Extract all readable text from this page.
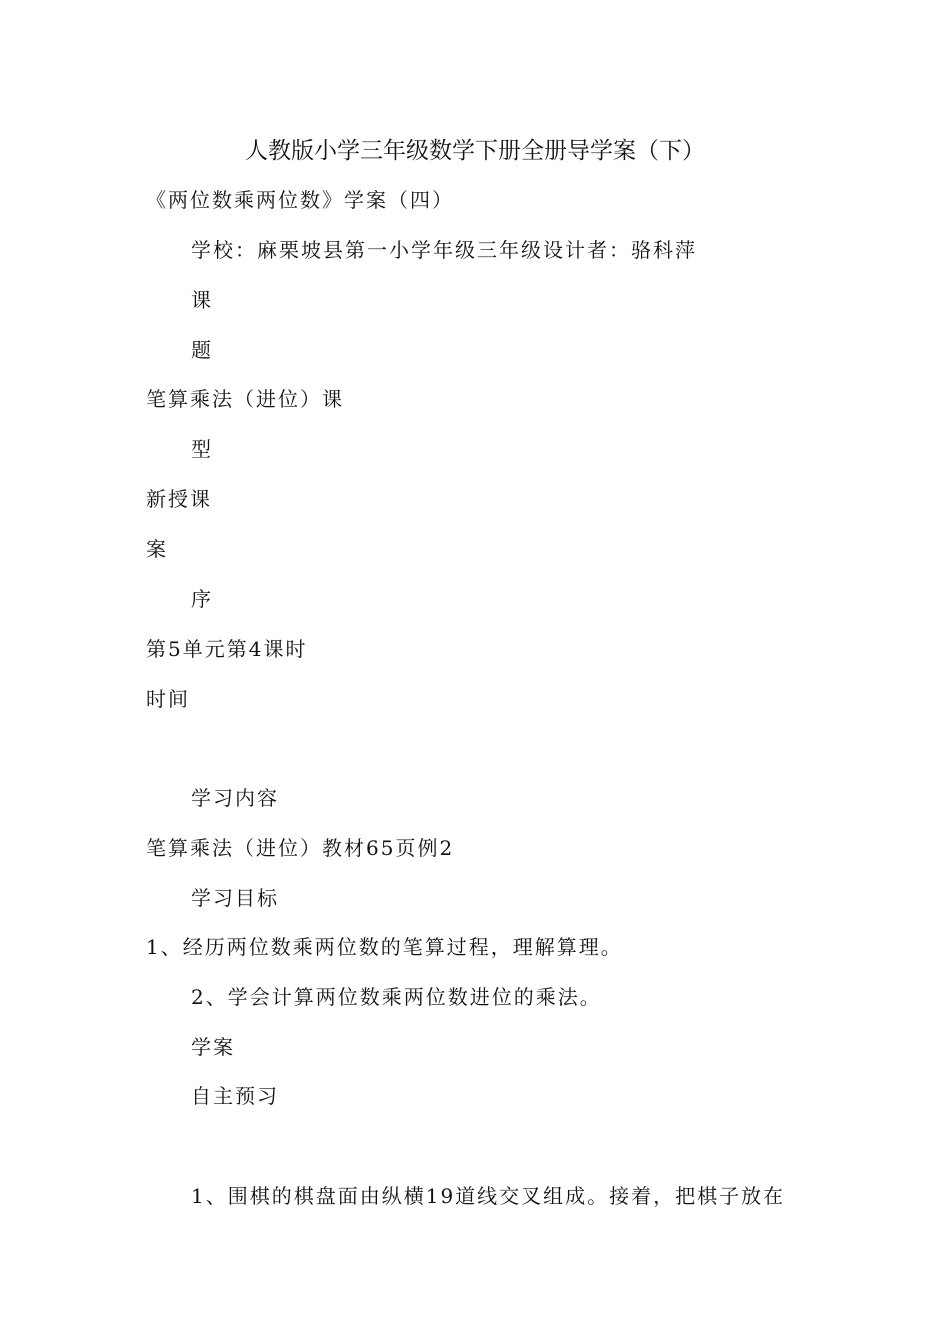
人教版小学三年级数学下册全册导学案（下）
《两位数乘两位数》学案（四）
学校：麻栗坡县第一小学年级三年级设计者：骆科萍
课
题
笔算乘法（进位）课
型
新授课
案
序
第5单元第4课时
时间
学习内容
笔算乘法（进位）教材65页例2
学习目标
1、经历两位数乘两位数的笔算过程，理解算理。
2、学会计算两位数乘两位数进位的乘法。
学案
自主预习
1、围棋的棋盘面由纵横19道线交叉组成。接着，把棋子放在
